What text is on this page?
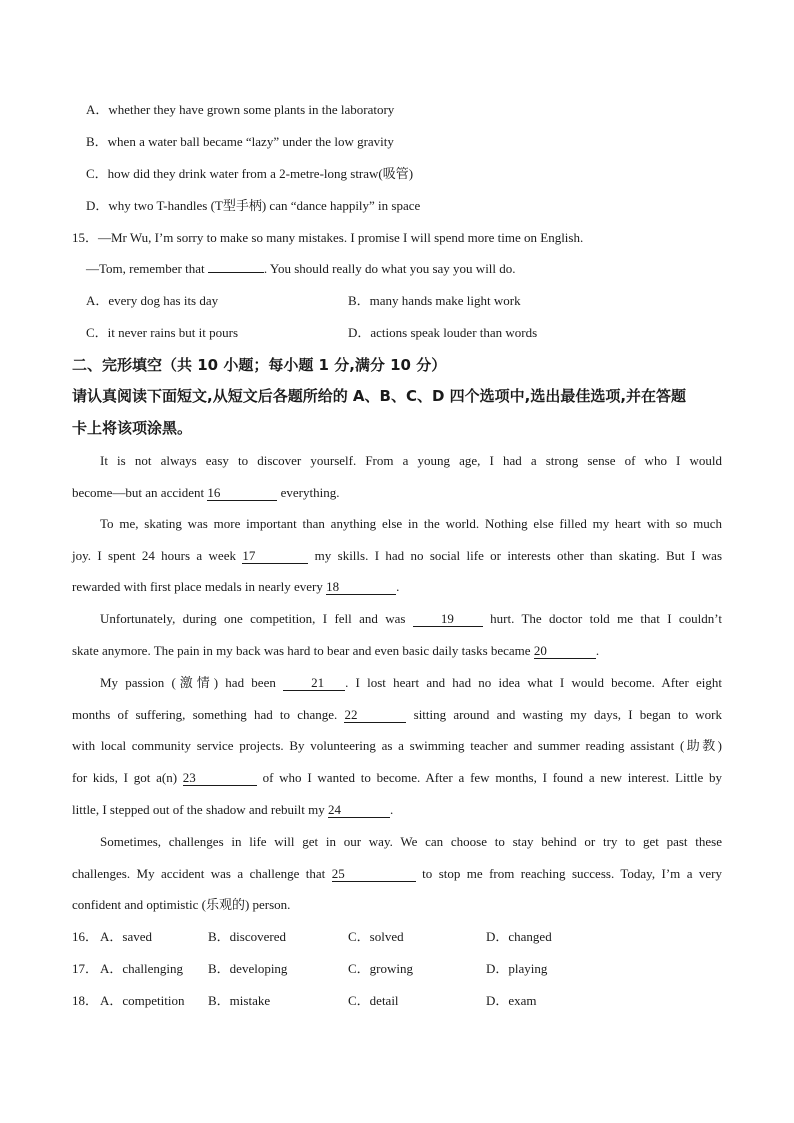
A．whether they have grown some plants in the laboratory
B．when a water ball became “lazy” under the low gravity
C．how did they drink water from a 2-metre-long straw(吸管)
D．why two T-handles (T型手柄) can “dance happily” in space
15．—Mr Wu, I’m sorry to make so many mistakes. I promise I will spend more time on English.
—Tom, remember that	. You should really do what you say you will do.
A．every dog has its day	B．many hands make light work
C．it never rains but it pours	D．actions speak louder than words
二、完形填空（共 10 小题；每小题 1 分,满分 10 分）
请认真阅读下面短文,从短文后各题所给的 A、B、C、D 四个选项中,选出最佳选项,并在答题
卡上将该项涂黑。
It is not always easy to discover yourself. From a young age, I had a strong sense of who I would
become—but an accident 16	everything.
To me, skating was more important than anything else in the world. Nothing else filled my heart with so much
joy. I spent 24 hours a week 17	my skills. I had no social life or interests other than skating. But I was
rewarded with first place medals in nearly every 18	.
Unfortunately, during one competition, I fell and was 19 hurt. The doctor told me that I couldn’t
skate anymore. The pain in my back was hard to bear and even basic daily tasks became 20	.
My passion (激情) had been 21 . I lost heart and had no idea what I would become. After eight
months of suffering, something had to change. 22	sitting around and wasting my days, I began to work
with local community service projects. By volunteering as a swimming teacher and summer reading assistant (助教)
for kids, I got a(n) 23	of who I wanted to become. After a few months, I found a new interest. Little by
little, I stepped out of the shadow and rebuilt my 24	.
Sometimes, challenges in life will get in our way. We can choose to stay behind or try to get past these
challenges. My accident was a challenge that 25	to stop me from reaching success. Today, I’m a very
confident and optimistic (乐观的) person.
16． A．saved	B．discovered	C．solved	D．changed
17． A．challenging B．developing	C．growing	D．playing
18． A．competition B．mistake	C．detail	D．exam
